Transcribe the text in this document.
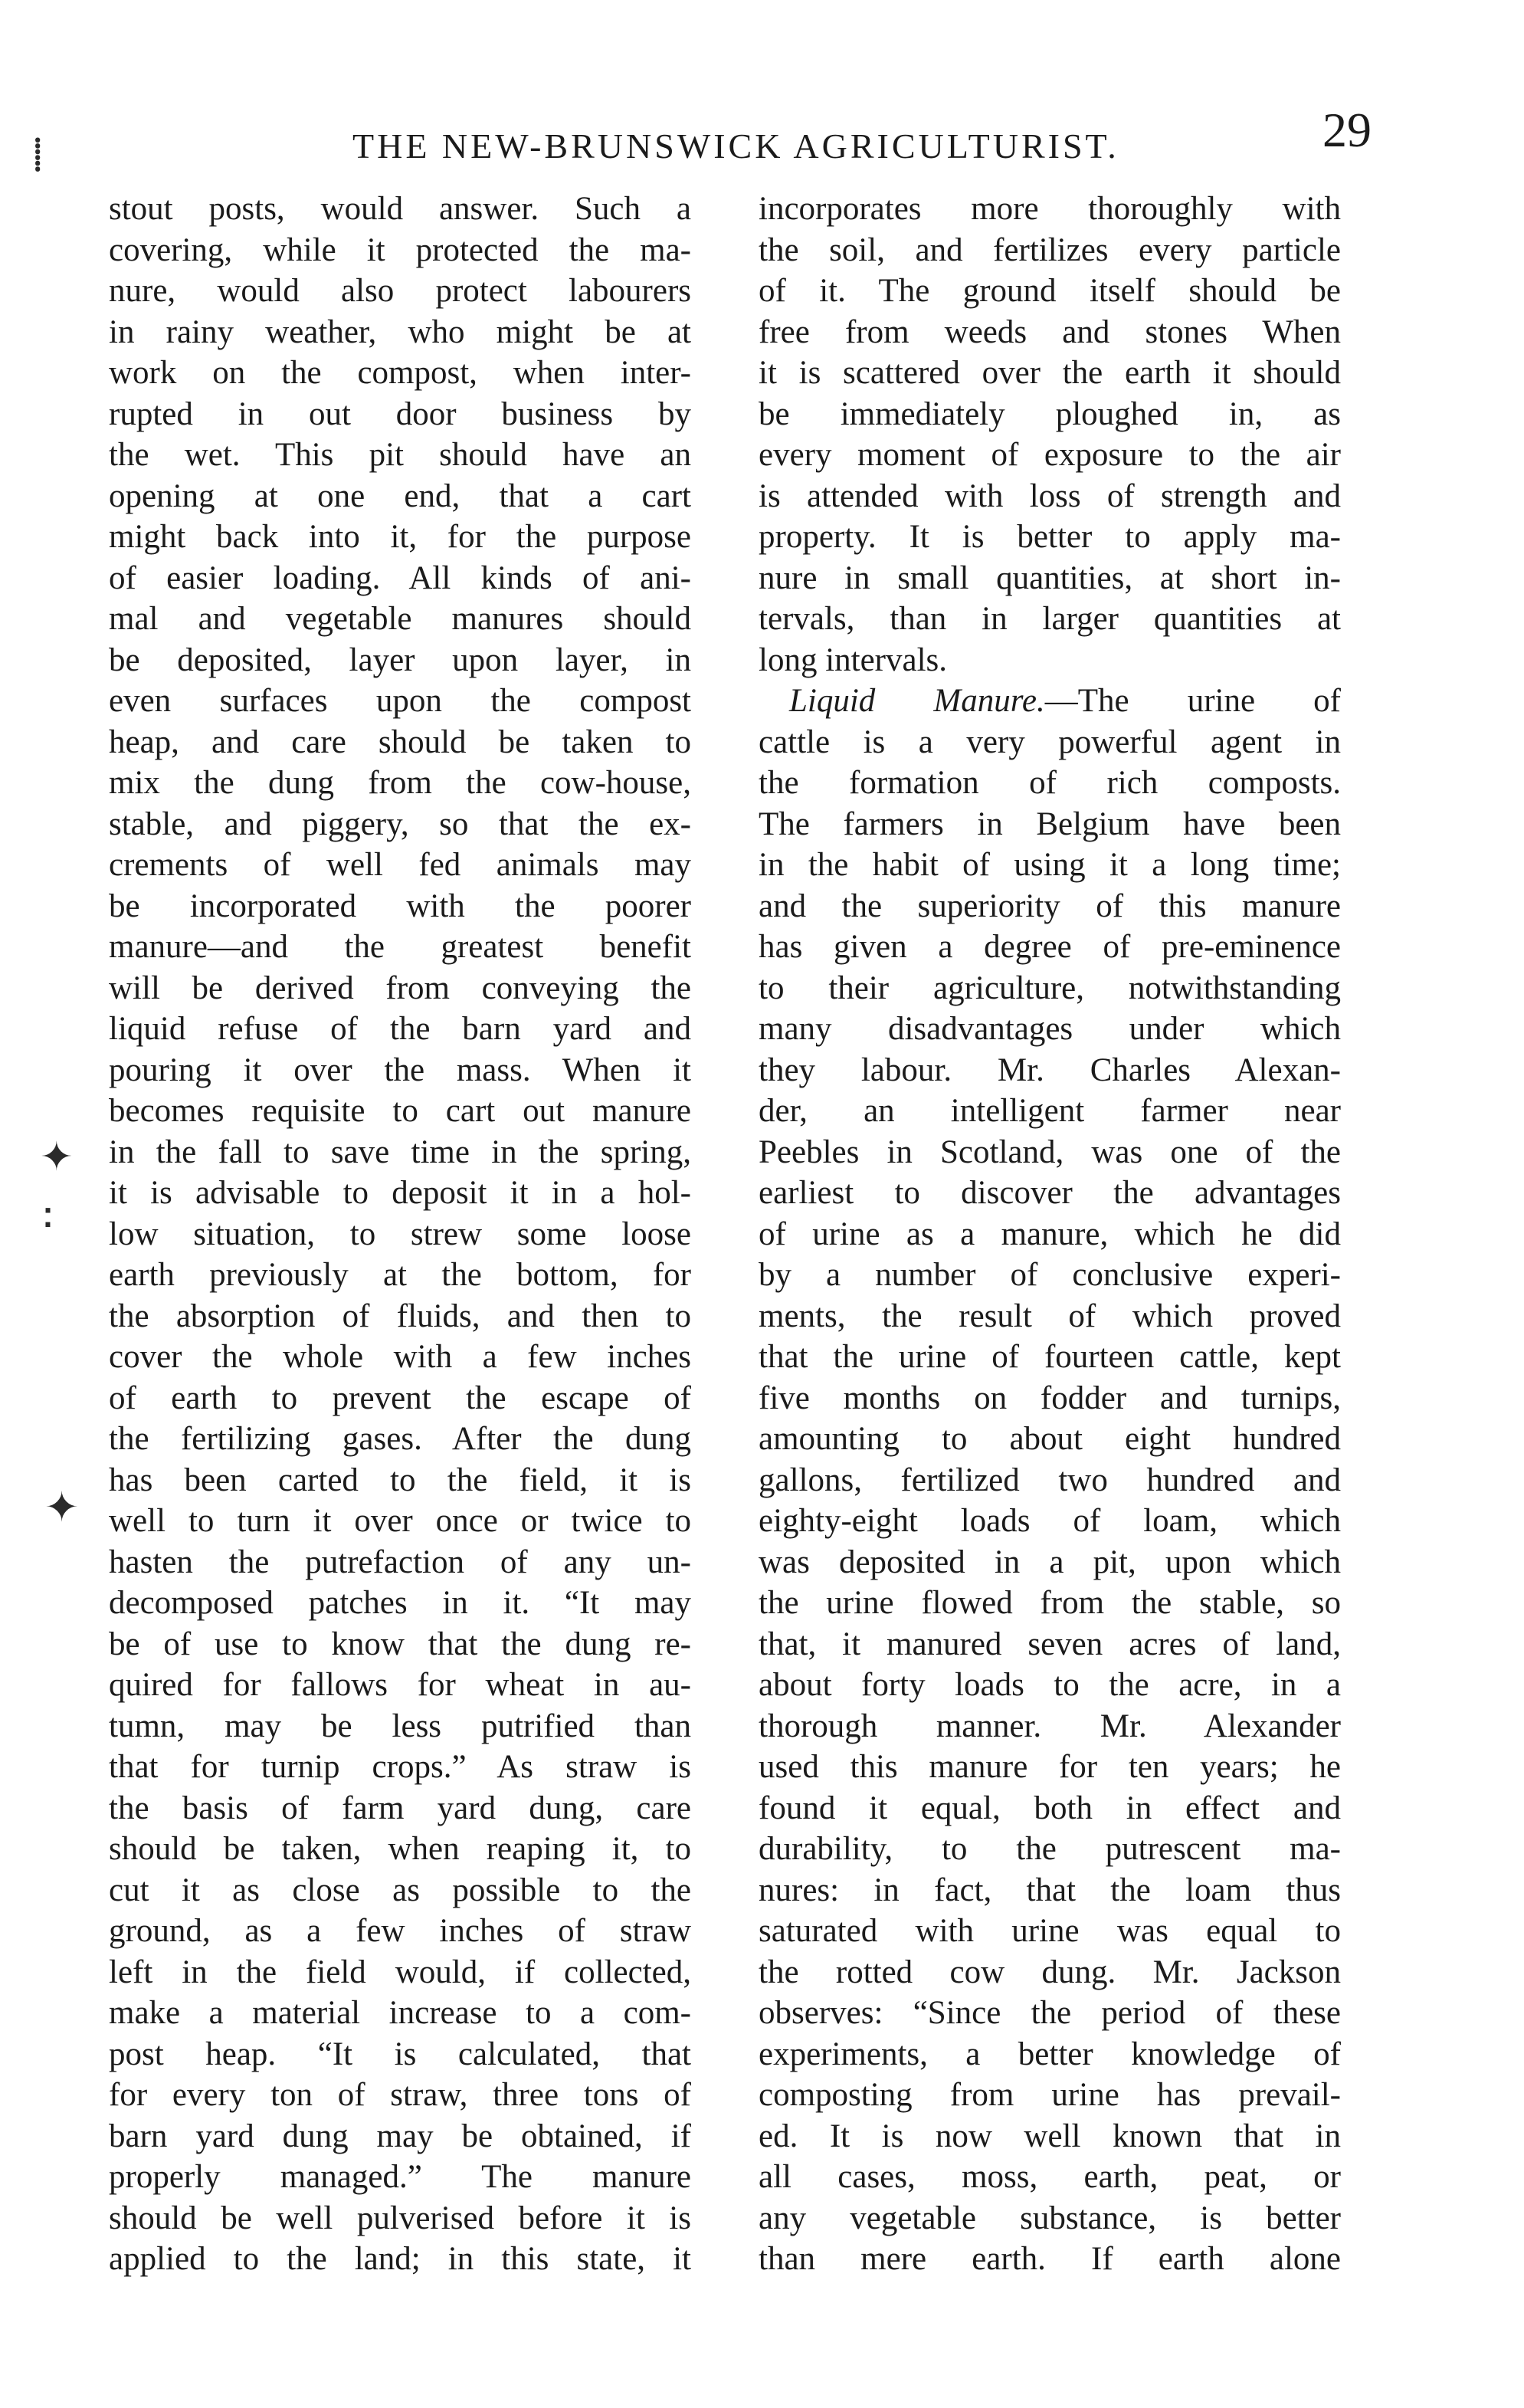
THE NEW-BRUNSWICK AGRICULTURIST.	29
⸽
✦
⁚
✦
stout posts, would answer. Such a
covering, while it protected the ma-
nure, would also protect labourers
in rainy weather, who might be at
work on the compost, when inter-
rupted in out door business by
the wet. This pit should have an
opening at one end, that a cart
might back into it, for the purpose
of easier loading. All kinds of ani-
mal and vegetable manures should
be deposited, layer upon layer, in
even surfaces upon the compost
heap, and care should be taken to
mix the dung from the cow-house,
stable, and piggery, so that the ex-
crements of well fed animals may
be incorporated with the poorer
manure—and the greatest benefit
will be derived from conveying the
liquid refuse of the barn yard and
pouring it over the mass. When it
becomes requisite to cart out manure
in the fall to save time in the spring,
it is advisable to deposit it in a hol-
low situation, to strew some loose
earth previously at the bottom, for
the absorption of fluids, and then to
cover the whole with a few inches
of earth to prevent the escape of
the fertilizing gases. After the dung
has been carted to the field, it is
well to turn it over once or twice to
hasten the putrefaction of any un-
decomposed patches in it. “It may
be of use to know that the dung re-
quired for fallows for wheat in au-
tumn, may be less putrified than
that for turnip crops.” As straw is
the basis of farm yard dung, care
should be taken, when reaping it, to
cut it as close as possible to the
ground, as a few inches of straw
left in the field would, if collected,
make a material increase to a com-
post heap. “It is calculated, that
for every ton of straw, three tons of
barn yard dung may be obtained, if
properly managed.” The manure
should be well pulverised before it is
applied to the land; in this state, it
incorporates more thoroughly with
the soil, and fertilizes every particle
of it. The ground itself should be
free from weeds and stones When
it is scattered over the earth it should
be immediately ploughed in, as
every moment of exposure to the air
is attended with loss of strength and
property. It is better to apply ma-
nure in small quantities, at short in-
tervals, than in larger quantities at
long intervals.
Liquid Manure.—The urine of
cattle is a very powerful agent in
the formation of rich composts.
The farmers in Belgium have been
in the habit of using it a long time;
and the superiority of this manure
has given a degree of pre-eminence
to their agriculture, notwithstanding
many disadvantages under which
they labour. Mr. Charles Alexan-
der, an intelligent farmer near
Peebles in Scotland, was one of the
earliest to discover the advantages
of urine as a manure, which he did
by a number of conclusive experi-
ments, the result of which proved
that the urine of fourteen cattle, kept
five months on fodder and turnips,
amounting to about eight hundred
gallons, fertilized two hundred and
eighty-eight loads of loam, which
was deposited in a pit, upon which
the urine flowed from the stable, so
that, it manured seven acres of land,
about forty loads to the acre, in a
thorough manner. Mr. Alexander
used this manure for ten years; he
found it equal, both in effect and
durability, to the putrescent ma-
nures: in fact, that the loam thus
saturated with urine was equal to
the rotted cow dung. Mr. Jackson
observes: “Since the period of these
experiments, a better knowledge of
composting from urine has prevail-
ed. It is now well known that in
all cases, moss, earth, peat, or
any vegetable substance, is better
than mere earth. If earth alone
